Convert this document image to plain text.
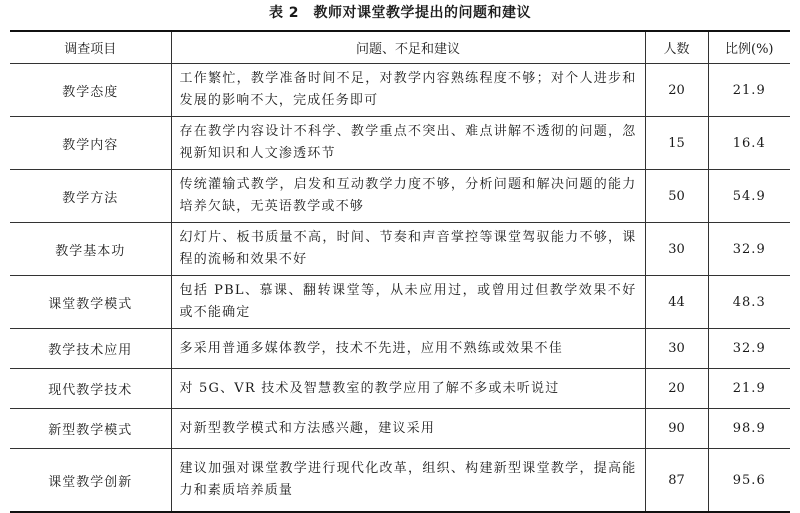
表 2　教师对课堂教学提出的问题和建议
调查项目	问题、不足和建议	人数	比例(%)
教学态度	工作繁忙，教学准备时间不足，对教学内容熟练程度不够；对个人进步和发展的影响不大，完成任务即可	20	21.9
教学内容	存在教学内容设计不科学、教学重点不突出、难点讲解不透彻的问题，忽视新知识和人文渗透环节	15	16.4
教学方法	传统灌输式教学，启发和互动教学力度不够，分析问题和解决问题的能力培养欠缺，无英语教学或不够	50	54.9
教学基本功	幻灯片、板书质量不高，时间、节奏和声音掌控等课堂驾驭能力不够，课程的流畅和效果不好	30	32.9
课堂教学模式	包括 PBL、慕课、翻转课堂等，从未应用过，或曾用过但教学效果不好或不能确定	44	48.3
教学技术应用	多采用普通多媒体教学，技术不先进，应用不熟练或效果不佳	30	32.9
现代教学技术	对 5G、VR 技术及智慧教室的教学应用了解不多或未听说过	20	21.9
新型教学模式	对新型教学模式和方法感兴趣，建议采用	90	98.9
课堂教学创新	建议加强对课堂教学进行现代化改革，组织、构建新型课堂教学，提高能力和素质培养质量	87	95.6
